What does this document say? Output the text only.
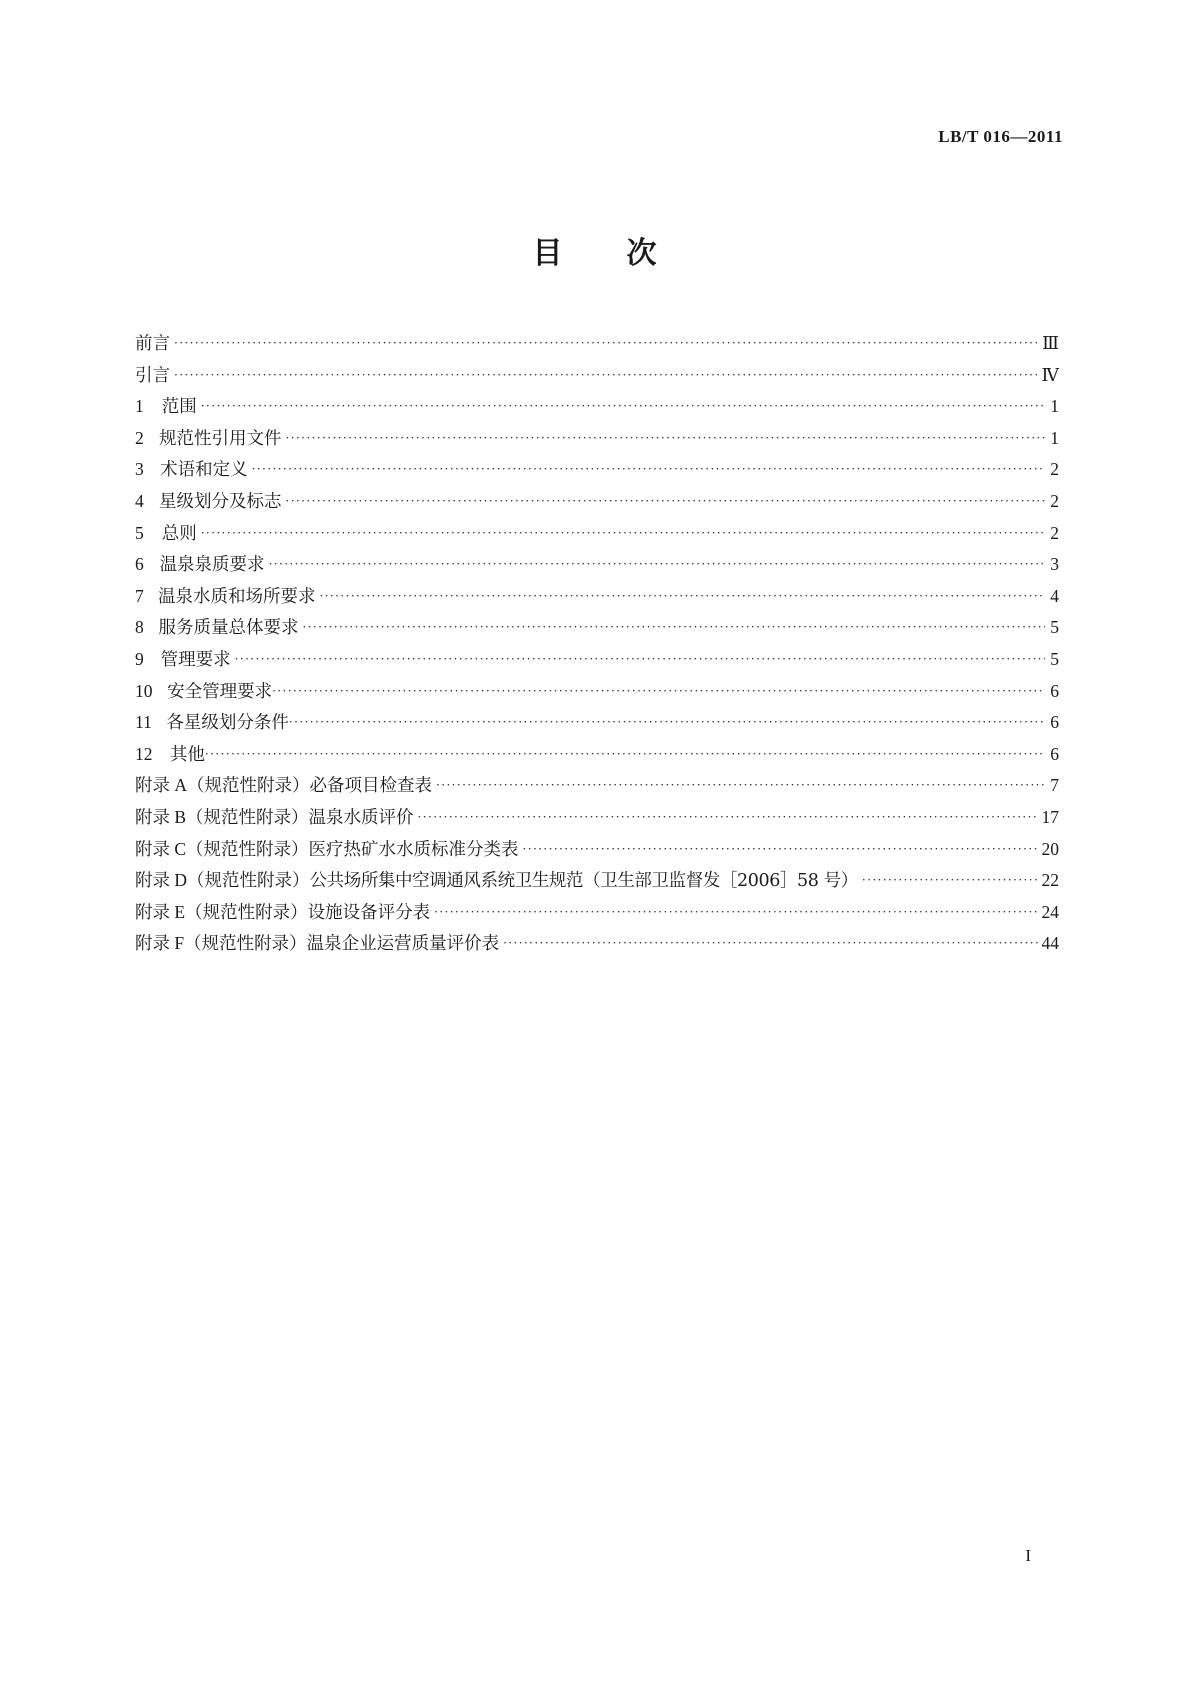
LB/T 016—2011
目 次
前言 ·····	Ⅲ
引言 ·····	Ⅳ
1	范围 ·····	1
2 规范性引用文件 ·····	1
3 术语和定义 ·····	2
4 星级划分及标志 ·····	2
5	总则 ·····	2
6 温泉泉质要求 ·····	3
7 温泉水质和场所要求 ·····	4
8 服务质量总体要求 ·····	5
9 管理要求 ·····	5
10 安全管理要求 ·····	6
11 各星级划分条件 ·····	6
12 其他 ·····	6
附录 A（规范性附录） 必备项目检查表 ·····	7
附录 B（规范性附录） 温泉水质评价 ·····	17
附录 C（规范性附录） 医疗热矿水水质标准分类表 ·····	20
附录 D（规范性附录） 公共场所集中空调通风系统卫生规范（卫生部卫监督发［2006］58 号） ·····	22
附录 E（规范性附录） 设施设备评分表 ·····	24
附录 F（规范性附录） 温泉企业运营质量评价表 ·····	44
I
